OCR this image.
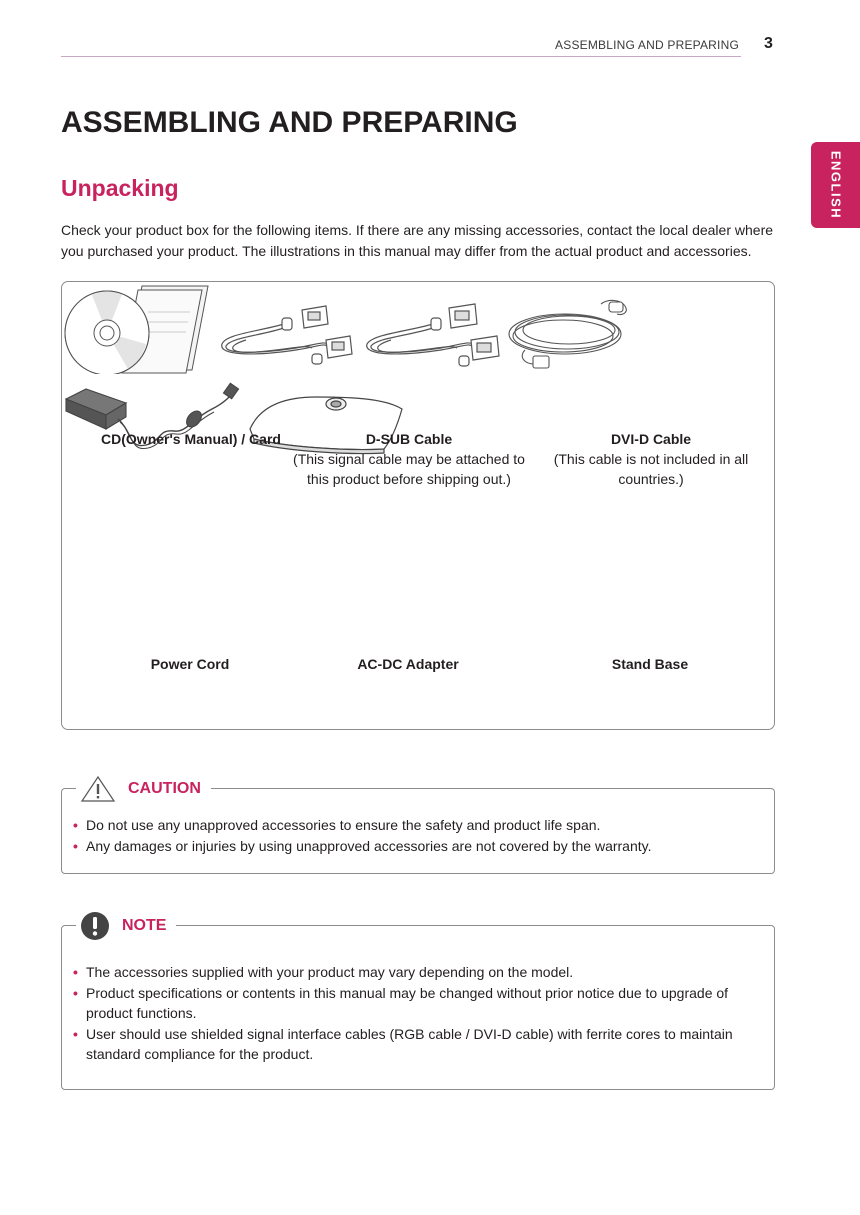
ASSEMBLING AND PREPARING 3
ENGLISH
ASSEMBLING AND PREPARING
Unpacking

Check your product box for the following items. If there are any missing accessories, contact the local dealer where you purchased your product. The illustrations in this manual may differ from the actual product and accessories.

CD(Owner's Manual) / Card
	D-SUB Cable
(This signal cable may be attached to this product before shipping out.)

DVI-D Cable
(This cable is not included in all countries.)

Power Cord
	AC-DC Adapter	Stand Base
CAUTION
• Do not use any unapproved accessories to ensure the safety and product life span.
• Any damages or injuries by using unapproved accessories are not covered by the warranty.
NOTE
• The accessories supplied with your product may vary depending on the model.
• Product specifications or contents in this manual may be changed without prior notice due to upgrade of product functions.
• User should use shielded signal interface cables (RGB cable / DVI-D cable) with ferrite cores to maintain standard compliance for the product.
